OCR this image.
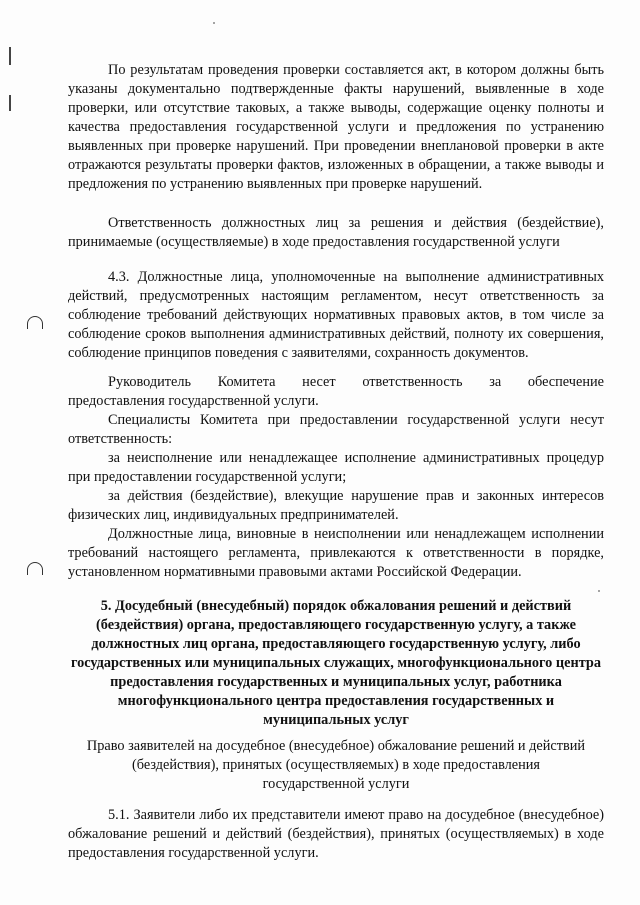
По результатам проведения проверки составляется акт, в котором должны быть указаны документально подтвержденные факты нарушений, выявленные в ходе проверки, или отсутствие таковых, а также выводы, содержащие оценку полноты и качества предоставления государственной услуги и предложения по устранению выявленных при проверке нарушений. При проведении внеплановой проверки в акте отражаются результаты проверки фактов, изложенных в обращении, а также выводы и предложения по устранению выявленных при проверке нарушений.

Ответственность должностных лиц за решения и действия (бездействие), принимаемые (осуществляемые) в ходе предоставления государственной услуги

4.3. Должностные лица, уполномоченные на выполнение административных действий, предусмотренных настоящим регламентом, несут ответственность за соблюдение требований действующих нормативных правовых актов, в том числе за соблюдение сроков выполнения административных действий, полноту их совершения, соблюдение принципов поведения с заявителями, сохранность документов.

Руководитель Комитета несет ответственность за обеспечение

предоставления государственной услуги.

Специалисты Комитета при предоставлении государственной услуги несут ответственность:

за неисполнение или ненадлежащее исполнение административных процедур при предоставлении государственной услуги;

за действия (бездействие), влекущие нарушение прав и законных интересов физических лиц, индивидуальных предпринимателей.

Должностные лица, виновные в неисполнении или ненадлежащем исполнении требований настоящего регламента, привлекаются к ответственности в порядке, установленном нормативными правовыми актами Российской Федерации.

5. Досудебный (внесудебный) порядок обжалования решений и действий (бездействия) органа, предоставляющего государственную услугу, а также должностных лиц органа, предоставляющего государственную услугу, либо государственных или муниципальных служащих, многофункционального центра предоставления государственных и муниципальных услуг, работника многофункционального центра предоставления государственных и муниципальных услуг

Право заявителей на досудебное (внесудебное) обжалование решений и действий (бездействия), принятых (осуществляемых) в ходе предоставления государственной услуги

5.1. Заявители либо их представители имеют право на досудебное (внесудебное) обжалование решений и действий (бездействия), принятых (осуществляемых) в ходе предоставления государственной услуги.
